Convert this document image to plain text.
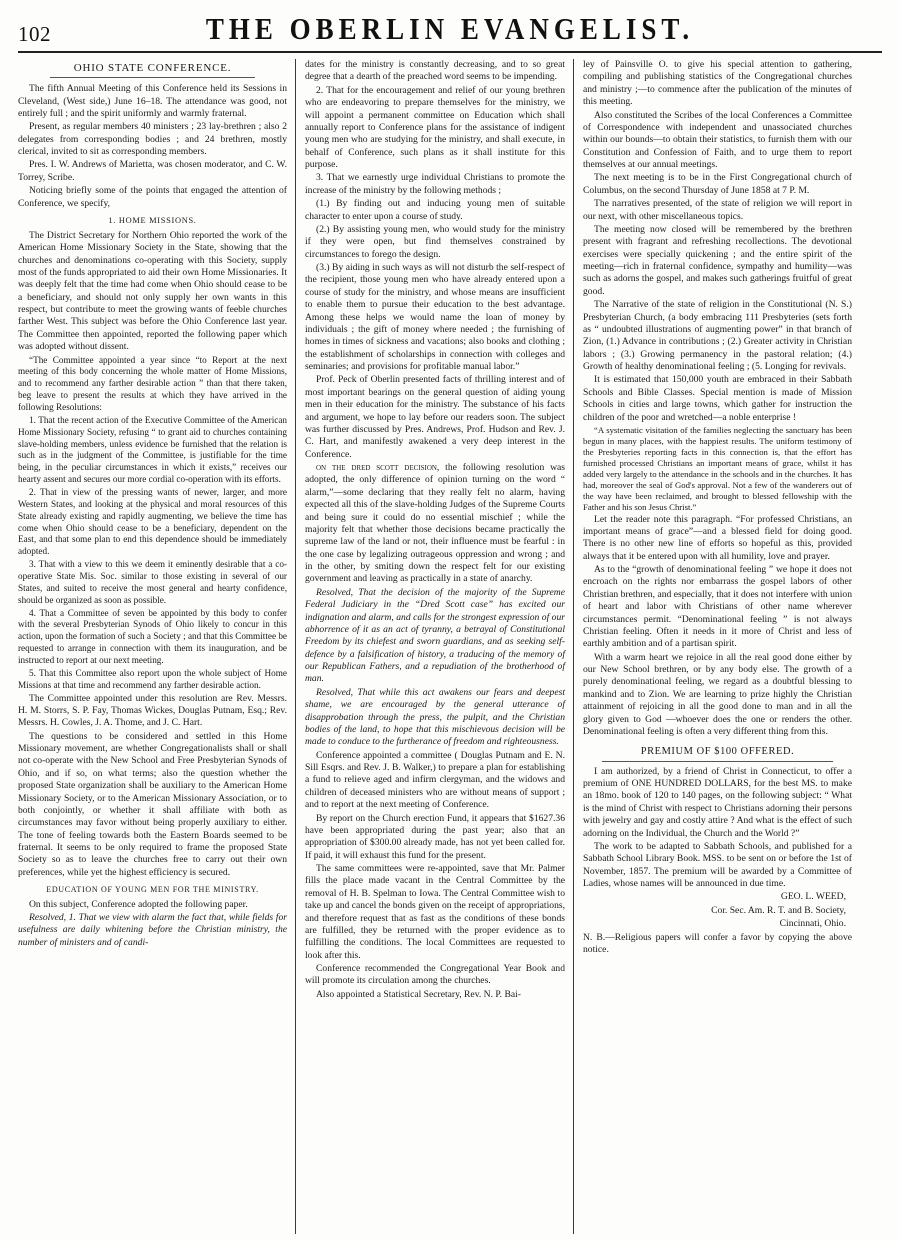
102	THE OBERLIN EVANGELIST.
OHIO STATE CONFERENCE.

The fifth Annual Meeting of this Conference held its Sessions in Cleveland, (West side,) June 16–18. The attendance was good, not entirely full ; and the spirit uniformly and warmly fraternal.

Present, as regular members 40 ministers ; 23 lay-brethren ; also 2 delegates from corresponding bodies ; and 24 brethren, mostly clerical, invited to sit as corresponding members.

Pres. I. W. Andrews of Marietta, was chosen moderator, and C. W. Torrey, Scribe.

Noticing briefly some of the points that engaged the attention of Conference, we specify,

1. HOME MISSIONS.

The District Secretary for Northern Ohio reported the work of the American Home Missionary Society in the State, showing that the churches and denominations co-operating with this Society, supply most of the funds appropriated to aid their own Home Missionaries. It was deeply felt that the time had come when Ohio should cease to be a beneficiary, and should not only supply her own wants in this respect, but contribute to meet the growing wants of feeble churches farther West. This subject was before the Ohio Conference last year. The Committee then appointed, reported the following paper which was adopted without dissent.

“The Committee appointed a year since “to Report at the next meeting of this body concerning the whole matter of Home Missions, and to recommend any farther desirable action ” than that there taken, beg leave to present the results at which they have arrived in the following Resolutions:

1. That the recent action of the Executive Committee of the American Home Missionary Society, refusing “ to grant aid to churches containing slave-holding members, unless evidence be furnished that the relation is such as in the judgment of the Committee, is justifiable for the time being, in the peculiar circumstances in which it exists,” receives our hearty assent and secures our more cordial co-operation with its efforts.

2. That in view of the pressing wants of newer, larger, and more Western States, and looking at the physical and moral resources of this State already existing and rapidly augmenting, we believe the time has come when Ohio should cease to be a beneficiary, dependent on the East, and that some plan to end this dependence should be immediately adopted.

3. That with a view to this we deem it eminently desirable that a co-operative State Mis. Soc. similar to those existing in several of our States, and suited to receive the most general and hearty confidence, should be organized as soon as possible.

4. That a Committee of seven be appointed by this body to confer with the several Presbyterian Synods of Ohio likely to concur in this action, upon the formation of such a Society ; and that this Committee be requested to arrange in connection with them its inauguration, and be instructed to report at our next meeting.

5. That this Committee also report upon the whole subject of Home Missions at that time and recommend any farther desirable action.

The Committee appointed under this resolution are Rev. Messrs. H. M. Storrs, S. P. Fay, Thomas Wickes, Douglas Putnam, Esq.; Rev. Messrs. H. Cowles, J. A. Thome, and J. C. Hart.

The questions to be considered and settled in this Home Missionary movement, are whether Congregationalists shall or shall not co-operate with the New School and Free Presbyterian Synods of Ohio, and if so, on what terms; also the question whether the proposed State organization shall be auxiliary to the American Home Missionary Society, or to the American Missionary Association, or to both conjointly, or whether it shall affiliate with both as circumstances may favor without being properly auxiliary to either. The tone of feeling towards both the Eastern Boards seemed to be fraternal. It seems to be only required to frame the proposed State Society so as to leave the churches free to carry out their own preferences, while yet the highest efficiency is secured.

EDUCATION OF YOUNG MEN FOR THE MINISTRY.

On this subject, Conference adopted the following paper.

Resolved, 1. That we view with alarm the fact that, while fields for usefulness are daily whitening before the Christian ministry, the number of ministers and of candi-

dates for the ministry is constantly decreasing, and to so great degree that a dearth of the preached word seems to be impending.

2. That for the encouragement and relief of our young brethren who are endeavoring to prepare themselves for the ministry, we will appoint a permanent committee on Education which shall annually report to Conference plans for the assistance of indigent young men who are studying for the ministry, and shall execute, in behalf of Conference, such plans as it shall institute for this purpose.

3. That we earnestly urge individual Christians to promote the increase of the ministry by the following methods ;

(1.) By finding out and inducing young men of suitable character to enter upon a course of study.

(2.) By assisting young men, who would study for the ministry if they were open, but find themselves constrained by circumstances to forego the design.

(3.) By aiding in such ways as will not disturb the self-respect of the recipient, those young men who have already entered upon a course of study for the ministry, and whose means are insufficient to enable them to pursue their education to the best advantage. Among these helps we would name the loan of money by individuals ; the gift of money where needed ; the furnishing of homes in times of sickness and vacations; also books and clothing ; the establishment of scholarships in connection with colleges and seminaries; and provisions for profitable manual labor.”

Prof. Peck of Oberlin presented facts of thrilling interest and of most important bearings on the general question of aiding young men in their education for the ministry. The substance of his facts and argument, we hope to lay before our readers soon. The subject was further discussed by Pres. Andrews, Prof. Hudson and Rev. J. C. Hart, and manifestly awakened a very deep interest in the Conference.

on the dred scott decision, the following resolution was adopted, the only difference of opinion turning on the word “ alarm,”—some declaring that they really felt no alarm, having expected all this of the slave-holding Judges of the Supreme Courts and being sure it could do no essential mischief ; while the majority felt that whether those decisions became practically the supreme law of the land or not, their influence must be fearful : in the one case by legalizing outrageous oppression and wrong ; and in the other, by smiting down the respect felt for our existing government and leaving as practically in a state of anarchy.

Resolved, That the decision of the majority of the Supreme Federal Judiciary in the “Dred Scott case” has excited our indignation and alarm, and calls for the strongest expression of our abhorrence of it as an act of tyranny, a betrayal of Constitutional Freedom by its chiefest and sworn guardians, and as seeking self-defence by a falsification of history, a traducing of the memory of our Republican Fathers, and a repudiation of the brotherhood of man.

Resolved, That while this act awakens our fears and deepest shame, we are encouraged by the general utterance of disapprobation through the press, the pulpit, and the Christian bodies of the land, to hope that this mischievous decision will be made to conduce to the furtherance of freedom and righteousness.

Conference appointed a committee ( Douglas Putnam and E. N. Sill Esqrs. and Rev. J. B. Walker,) to prepare a plan for establishing a fund to relieve aged and infirm clergyman, and the widows and children of deceased ministers who are without means of support ; and to report at the next meeting of Conference.

By report on the Church erection Fund, it appears that $1627.36 have been appropriated during the past year; also that an appropriation of $300.00 already made, has not yet been called for. If paid, it will exhaust this fund for the present.

The same committees were re-appointed, save that Mr. Palmer fills the place made vacant in the Central Committee by the removal of H. B. Spelman to Iowa. The Central Committee wish to take up and cancel the bonds given on the receipt of appropriations, and therefore request that as fast as the conditions of these bonds are fulfilled, they be returned with the proper evidence as to fulfilling the conditions. The local Committees are requested to look after this.

Conference recommended the Congregational Year Book and will promote its circulation among the churches.

Also appointed a Statistical Secretary, Rev. N. P. Bai-

ley of Painsville O. to give his special attention to gathering, compiling and publishing statistics of the Congregational churches and ministry ;—to commence after the publication of the minutes of this meeting.

Also constituted the Scribes of the local Conferences a Committee of Correspondence with independent and unassociated churches within our bounds—to obtain their statistics, to furnish them with our Constitution and Confession of Faith, and to urge them to report themselves at our annual meetings.

The next meeting is to be in the First Congregational church of Columbus, on the second Thursday of June 1858 at 7 P. M.

The narratives presented, of the state of religion we will report in our next, with other miscellaneous topics.

The meeting now closed will be remembered by the brethren present with fragrant and refreshing recollections. The devotional exercises were specially quickening ; and the entire spirit of the meeting—rich in fraternal confidence, sympathy and humility—was such as adorns the gospel, and makes such gatherings fruitful of great good.

The Narrative of the state of religion in the Constitutional (N. S.) Presbyterian Church, (a body embracing 111 Presbyteries (sets forth as “ undoubted illustrations of augmenting power” in that branch of Zion, (1.) Advance in contributions ; (2.) Greater activity in Christian labors ; (3.) Growing permanency in the pastoral relation; (4.) Growth of healthy denominational feeling ; (5. Longing for revivals.

It is estimated that 150,000 youth are embraced in their Sabbath Schools and Bible Classes. Special mention is made of Mission Schools in cities and large towns, which gather for instruction the children of the poor and wretched—a noble enterprise !

“A systematic visitation of the families neglecting the sanctuary has been begun in many places, with the happiest results. The uniform testimony of the Presbyteries reporting facts in this connection is, that the effort has furnished processed Christians an important means of grace, whilst it has added very largely to the attendance in the schools and in the churches. It has had, moreover the seal of God's approval. Not a few of the wanderers out of the way have been reclaimed, and brought to blessed fellowship with the Father and his son Jesus Christ.”

Let the reader note this paragraph. “For professed Christians, an important means of grace”—and a blessed field for doing good. There is no other new line of efforts so hopeful as this, provided always that it be entered upon with all humility, love and prayer.

As to the “growth of denominational feeling ” we hope it does not encroach on the rights nor embarrass the gospel labors of other Christian brethren, and especially, that it does not interfere with union of heart and labor with Christians of other name wherever circumstances permit. “Denominational feeling ” is not always Christian feeling. Often it needs in it more of Christ and less of earthly ambition and of a partisan spirit.

With a warm heart we rejoice in all the real good done either by our New School brethren, or by any body else. The growth of a purely denominational feeling, we regard as a doubtful blessing to mankind and to Zion. We are learning to prize highly the Christian attainment of rejoicing in all the good done to man and in all the glory given to God —whoever does the one or renders the other. Denominational feeling is often a very different thing from this.

PREMIUM OF $100 OFFERED.

I am authorized, by a friend of Christ in Connecticut, to offer a premium of ONE HUNDRED DOLLARS, for the best MS. to make an 18mo. book of 120 to 140 pages, on the following subject: “ What is the mind of Christ with respect to Christians adorning their persons with jewelry and gay and costly attire ? And what is the effect of such adorning on the Individual, the Church and the World ?”

The work to be adapted to Sabbath Schools, and published for a Sabbath School Library Book. MSS. to be sent on or before the 1st of November, 1857. The premium will be awarded by a Committee of Ladies, whose names will be announced in due time.

GEO. L. WEED,

Cor. Sec. Am. R. T. and B. Society,

Cincinnati, Ohio.

N. B.—Religious papers will confer a favor by copying the above notice.
